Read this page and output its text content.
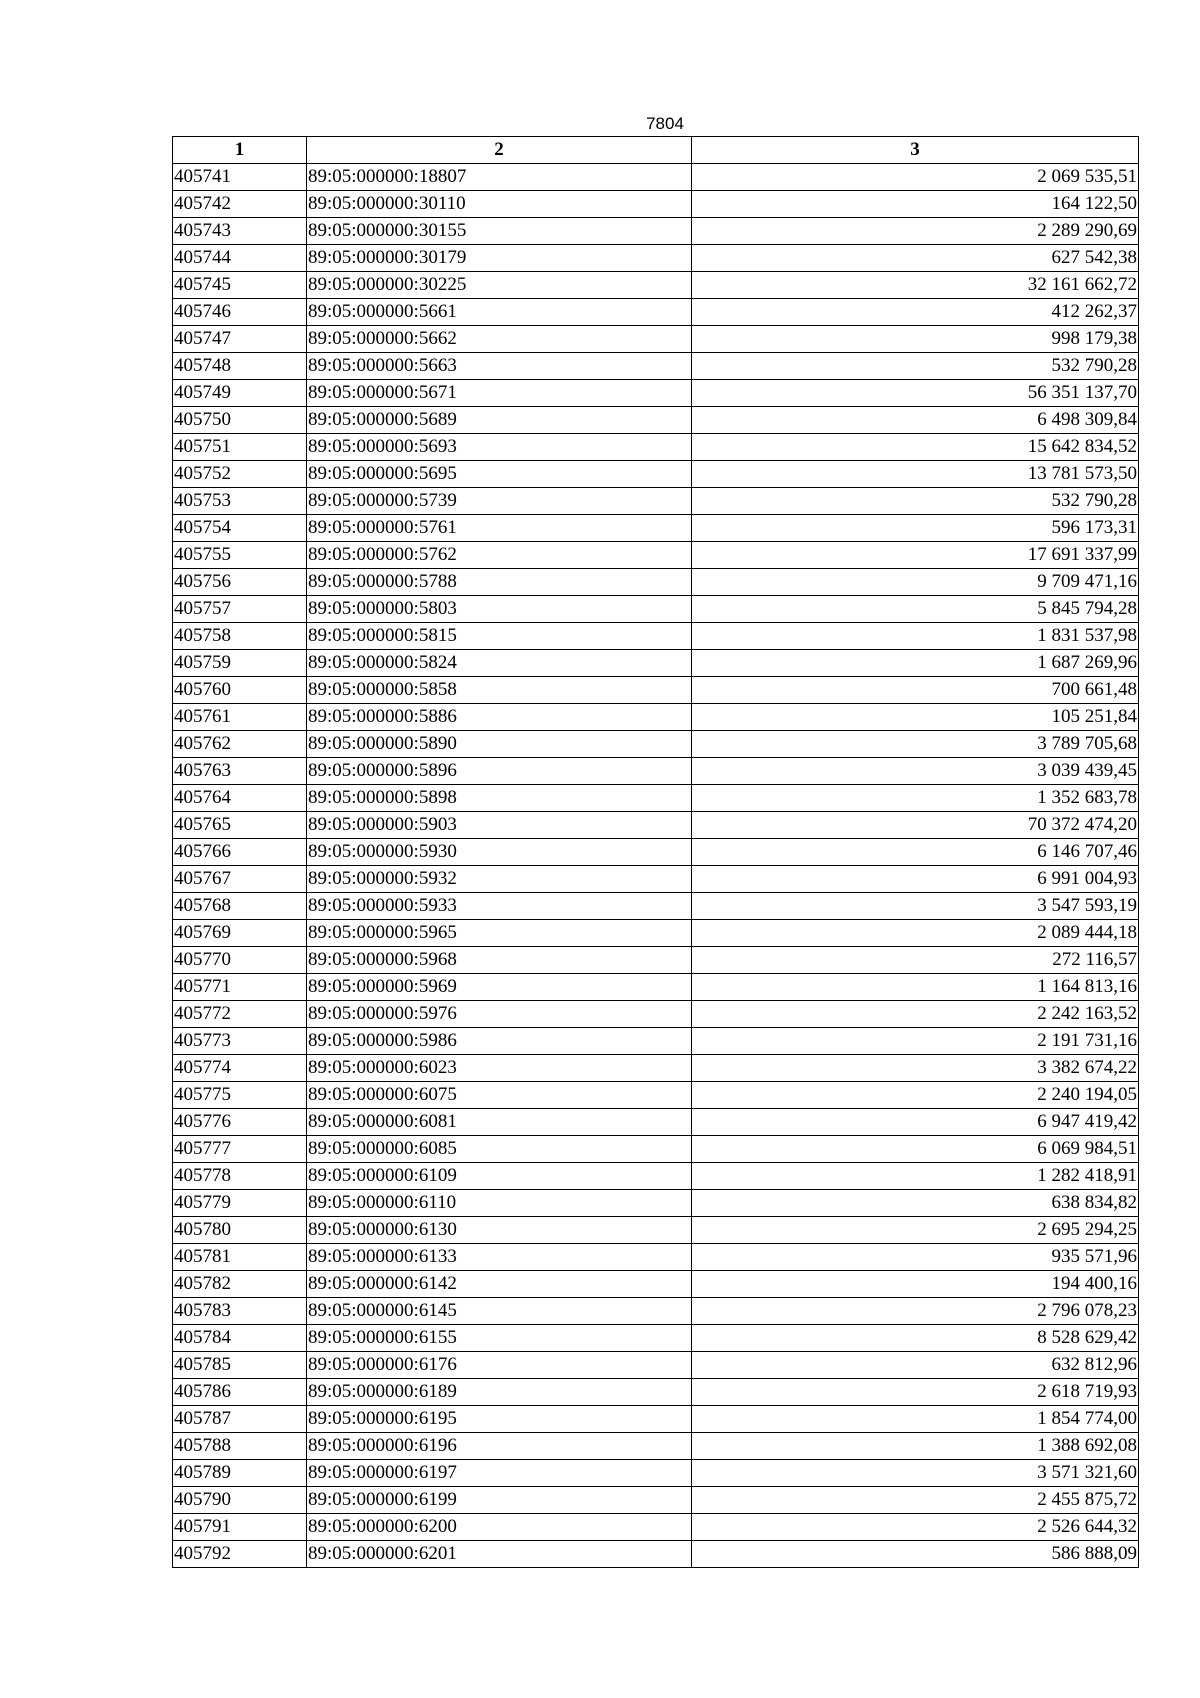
7804
1	2	3
405741	89:05:000000:18807	2 069 535,51
405742	89:05:000000:30110	164 122,50
405743	89:05:000000:30155	2 289 290,69
405744	89:05:000000:30179	627 542,38
405745	89:05:000000:30225	32 161 662,72
405746	89:05:000000:5661	412 262,37
405747	89:05:000000:5662	998 179,38
405748	89:05:000000:5663	532 790,28
405749	89:05:000000:5671	56 351 137,70
405750	89:05:000000:5689	6 498 309,84
405751	89:05:000000:5693	15 642 834,52
405752	89:05:000000:5695	13 781 573,50
405753	89:05:000000:5739	532 790,28
405754	89:05:000000:5761	596 173,31
405755	89:05:000000:5762	17 691 337,99
405756	89:05:000000:5788	9 709 471,16
405757	89:05:000000:5803	5 845 794,28
405758	89:05:000000:5815	1 831 537,98
405759	89:05:000000:5824	1 687 269,96
405760	89:05:000000:5858	700 661,48
405761	89:05:000000:5886	105 251,84
405762	89:05:000000:5890	3 789 705,68
405763	89:05:000000:5896	3 039 439,45
405764	89:05:000000:5898	1 352 683,78
405765	89:05:000000:5903	70 372 474,20
405766	89:05:000000:5930	6 146 707,46
405767	89:05:000000:5932	6 991 004,93
405768	89:05:000000:5933	3 547 593,19
405769	89:05:000000:5965	2 089 444,18
405770	89:05:000000:5968	272 116,57
405771	89:05:000000:5969	1 164 813,16
405772	89:05:000000:5976	2 242 163,52
405773	89:05:000000:5986	2 191 731,16
405774	89:05:000000:6023	3 382 674,22
405775	89:05:000000:6075	2 240 194,05
405776	89:05:000000:6081	6 947 419,42
405777	89:05:000000:6085	6 069 984,51
405778	89:05:000000:6109	1 282 418,91
405779	89:05:000000:6110	638 834,82
405780	89:05:000000:6130	2 695 294,25
405781	89:05:000000:6133	935 571,96
405782	89:05:000000:6142	194 400,16
405783	89:05:000000:6145	2 796 078,23
405784	89:05:000000:6155	8 528 629,42
405785	89:05:000000:6176	632 812,96
405786	89:05:000000:6189	2 618 719,93
405787	89:05:000000:6195	1 854 774,00
405788	89:05:000000:6196	1 388 692,08
405789	89:05:000000:6197	3 571 321,60
405790	89:05:000000:6199	2 455 875,72
405791	89:05:000000:6200	2 526 644,32
405792	89:05:000000:6201	586 888,09
